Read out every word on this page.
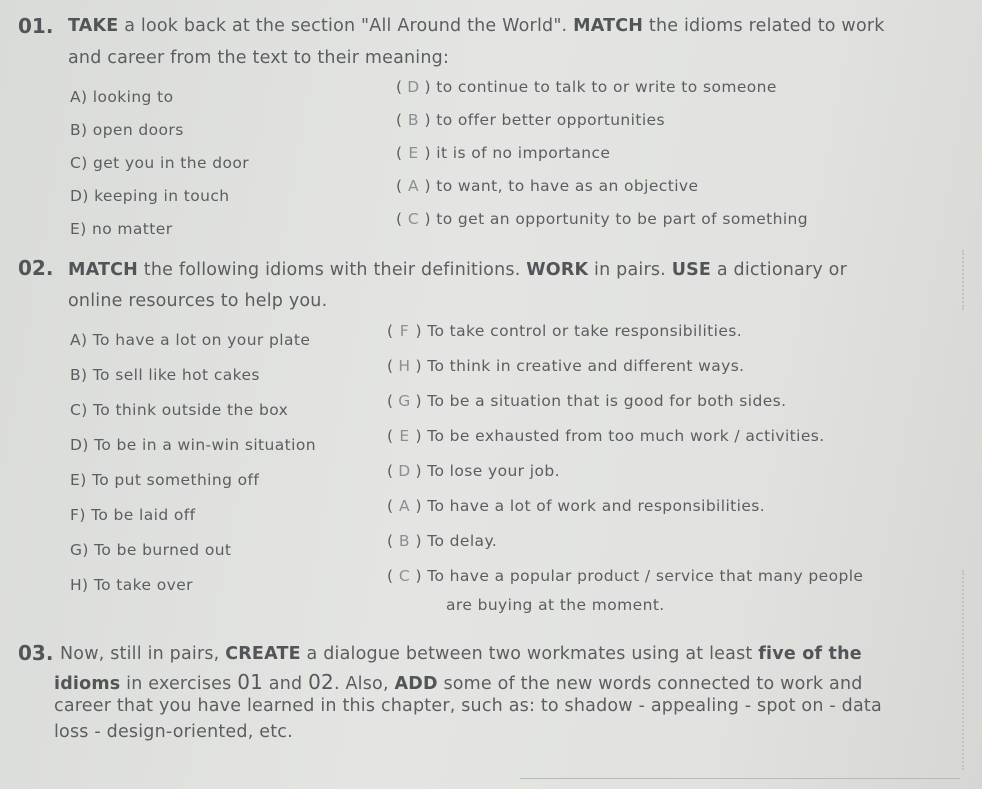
01. TAKE a look back at the section "All Around the World". MATCH the idioms related to work
and career from the text to their meaning:
A) looking to
B) open doors
C) get you in the door
D) keeping in touch
E) no matter
( D ) to continue to talk to or write to someone
( B ) to offer better opportunities
( E ) it is of no importance
( A ) to want, to have as an objective
( C ) to get an opportunity to be part of something
02. MATCH the following idioms with their definitions. WORK in pairs. USE a dictionary or
online resources to help you.
A) To have a lot on your plate
B) To sell like hot cakes
C) To think outside the box
D) To be in a win-win situation
E) To put something off
F) To be laid off
G) To be burned out
H) To take over
( F ) To take control or take responsibilities.
( H ) To think in creative and different ways.
( G ) To be a situation that is good for both sides.
( E ) To be exhausted from too much work / activities.
( D ) To lose your job.
( A ) To have a lot of work and responsibilities.
( B ) To delay.
( C ) To have a popular product / service that many people
are buying at the moment.
03. Now, still in pairs, CREATE a dialogue between two workmates using at least five of the
idioms in exercises 01 and 02. Also, ADD some of the new words connected to work and
career that you have learned in this chapter, such as: to shadow - appealing - spot on - data
loss - design-oriented, etc.
